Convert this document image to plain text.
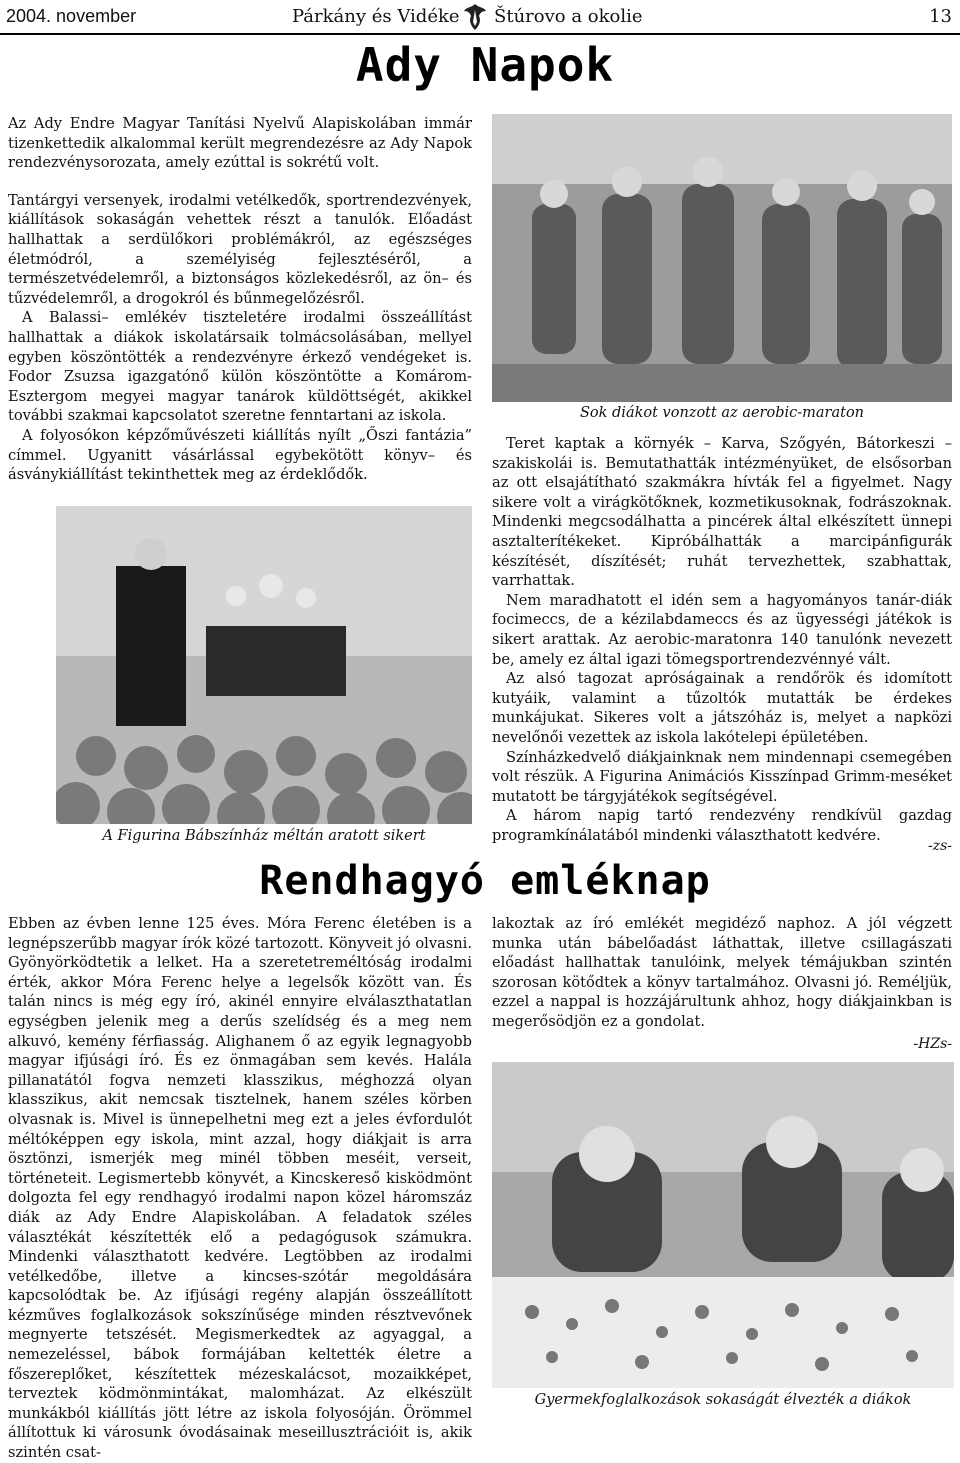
2004. november	Párkány és Vidéke Štúrovo a okolie	13
Ady Napok

Az Ady Endre Magyar Tanítási Nyelvű Alapiskolában immár tizenkettedik alkalommal került megrendezésre az Ady Napok rendezvénysorozata, amely ezúttal is sokrétű volt.

Tantárgyi versenyek, irodalmi vetélkedők, sportrendezvények, kiállítások sokaságán vehettek részt a tanulók. Előadást hallhattak a serdülőkori problémákról, az egészséges életmódról, a személyiség fejlesztéséről, a természetvédelemről, a biztonságos közlekedésről, az ön– és tűzvédelemről, a drogokról és bűnmegelőzésről.

A Balassi– emlékév tiszteletére irodalmi összeállítást hallhattak a diákok iskolatársaik tolmácsolásában, mellyel egyben köszöntötték a rendezvényre érkező vendégeket is. Fodor Zsuzsa igazgatónő külön köszöntötte a Komárom-Esztergom megyei magyar tanárok küldöttségét, akikkel további szakmai kapcsolatot szeretne fenntartani az iskola.

A folyosókon képzőművészeti kiállítás nyílt „Őszi fantázia” címmel. Ugyanitt vásárlással egybekötött könyv– és ásványkiállítást tekinthettek meg az érdeklődők.

A Figurina Bábszínház méltán aratott sikert
Sok diákot vonzott az aerobic-maraton

Teret kaptak a környék – Karva, Szőgyén, Bátorkeszi – szakiskolái is. Bemutathatták intézményüket, de elsősorban az ott elsajátítható szakmákra hívták fel a figyelmet. Nagy sikere volt a virágkötőknek, kozmetikusoknak, fodrászoknak. Mindenki megcsodálhatta a pincérek által elkészített ünnepi asztalterítékeket. Kipróbálhatták a marcipánfigurák készítését, díszítését; ruhát tervezhettek, szabhattak, varrhattak.

Nem maradhatott el idén sem a hagyományos tanár-diák focimeccs, de a kézilabdameccs és az ügyességi játékok is sikert arattak. Az aerobic-maratonra 140 tanulónk nevezett be, amely ez által igazi tömegsportrendezvénnyé vált.

Az alsó tagozat apróságainak a rendőrök és idomított kutyáik, valamint a tűzoltók mutatták be érdekes munkájukat. Sikeres volt a játszóház is, melyet a napközi nevelőnői vezettek az iskola lakótelepi épületében.

Színházkedvelő diákjainknak nem mindennapi csemegében volt részük. A Figurina Animációs Kisszínpad Grimm-meséket mutatott be tárgyjátékok segítségével.

A három napig tartó rendezvény rendkívül gazdag programkínálatából mindenki választhatott kedvére.

-zs-
Rendhagyó emléknap

Ebben az évben lenne 125 éves. Móra Ferenc életében is a legnépszerűbb magyar írók közé tartozott. Könyveit jó olvasni. Gyönyörködtetik a lelket. Ha a szeretetreméltóság irodalmi érték, akkor Móra Ferenc helye a legelsők között van. És talán nincs is még egy író, akinél ennyire elválaszthatatlan egységben jelenik meg a derűs szelídség és a meg nem alkuvó, kemény férfiasság. Alighanem ő az egyik legnagyobb magyar ifjúsági író. És ez önmagában sem kevés. Halála pillanatától fogva nemzeti klasszikus, méghozzá olyan klasszikus, akit nemcsak tisztelnek, hanem széles körben olvasnak is. Mivel is ünnepelhetni meg ezt a jeles évfordulót méltóképpen egy iskola, mint azzal, hogy diákjait is arra ösztönzi, ismerjék meg minél többen meséit, verseit, történeteit. Legismertebb könyvét, a Kincskereső kisködmönt dolgozta fel egy rendhagyó irodalmi napon közel háromszáz diák az Ady Endre Alapiskolában. A feladatok széles választékát készítették elő a pedagógusok számukra. Mindenki választhatott kedvére. Legtöbben az irodalmi vetélkedőbe, illetve a kincses-szótár megoldására kapcsolódtak be. Az ifjúsági regény alapján összeállított kézműves foglalkozások sokszínűsége minden résztvevőnek megnyerte tetszését. Megismerkedtek az agyaggal, a nemezeléssel, bábok formájában keltették életre a főszereplőket, készítettek mézeskalácsot, mozaikképet, terveztek ködmönmintákat, malomházat. Az elkészült munkákból kiállítás jött létre az iskola folyosóján. Örömmel állítottuk ki városunk óvodásainak meseillusztrációit is, akik szintén csat-

lakoztak az író emlékét megidéző naphoz. A jól végzett munka után bábelőadást láthattak, illetve csillagászati előadást hallhattak tanulóink, melyek témájukban szintén szorosan kötődtek a könyv tartalmához. Olvasni jó. Reméljük, ezzel a nappal is hozzájárultunk ahhoz, hogy diákjainkban is megerősödjön ez a gondolat.

-HZs-
Gyermekfoglalkozások sokaságát élvezték a diákok
